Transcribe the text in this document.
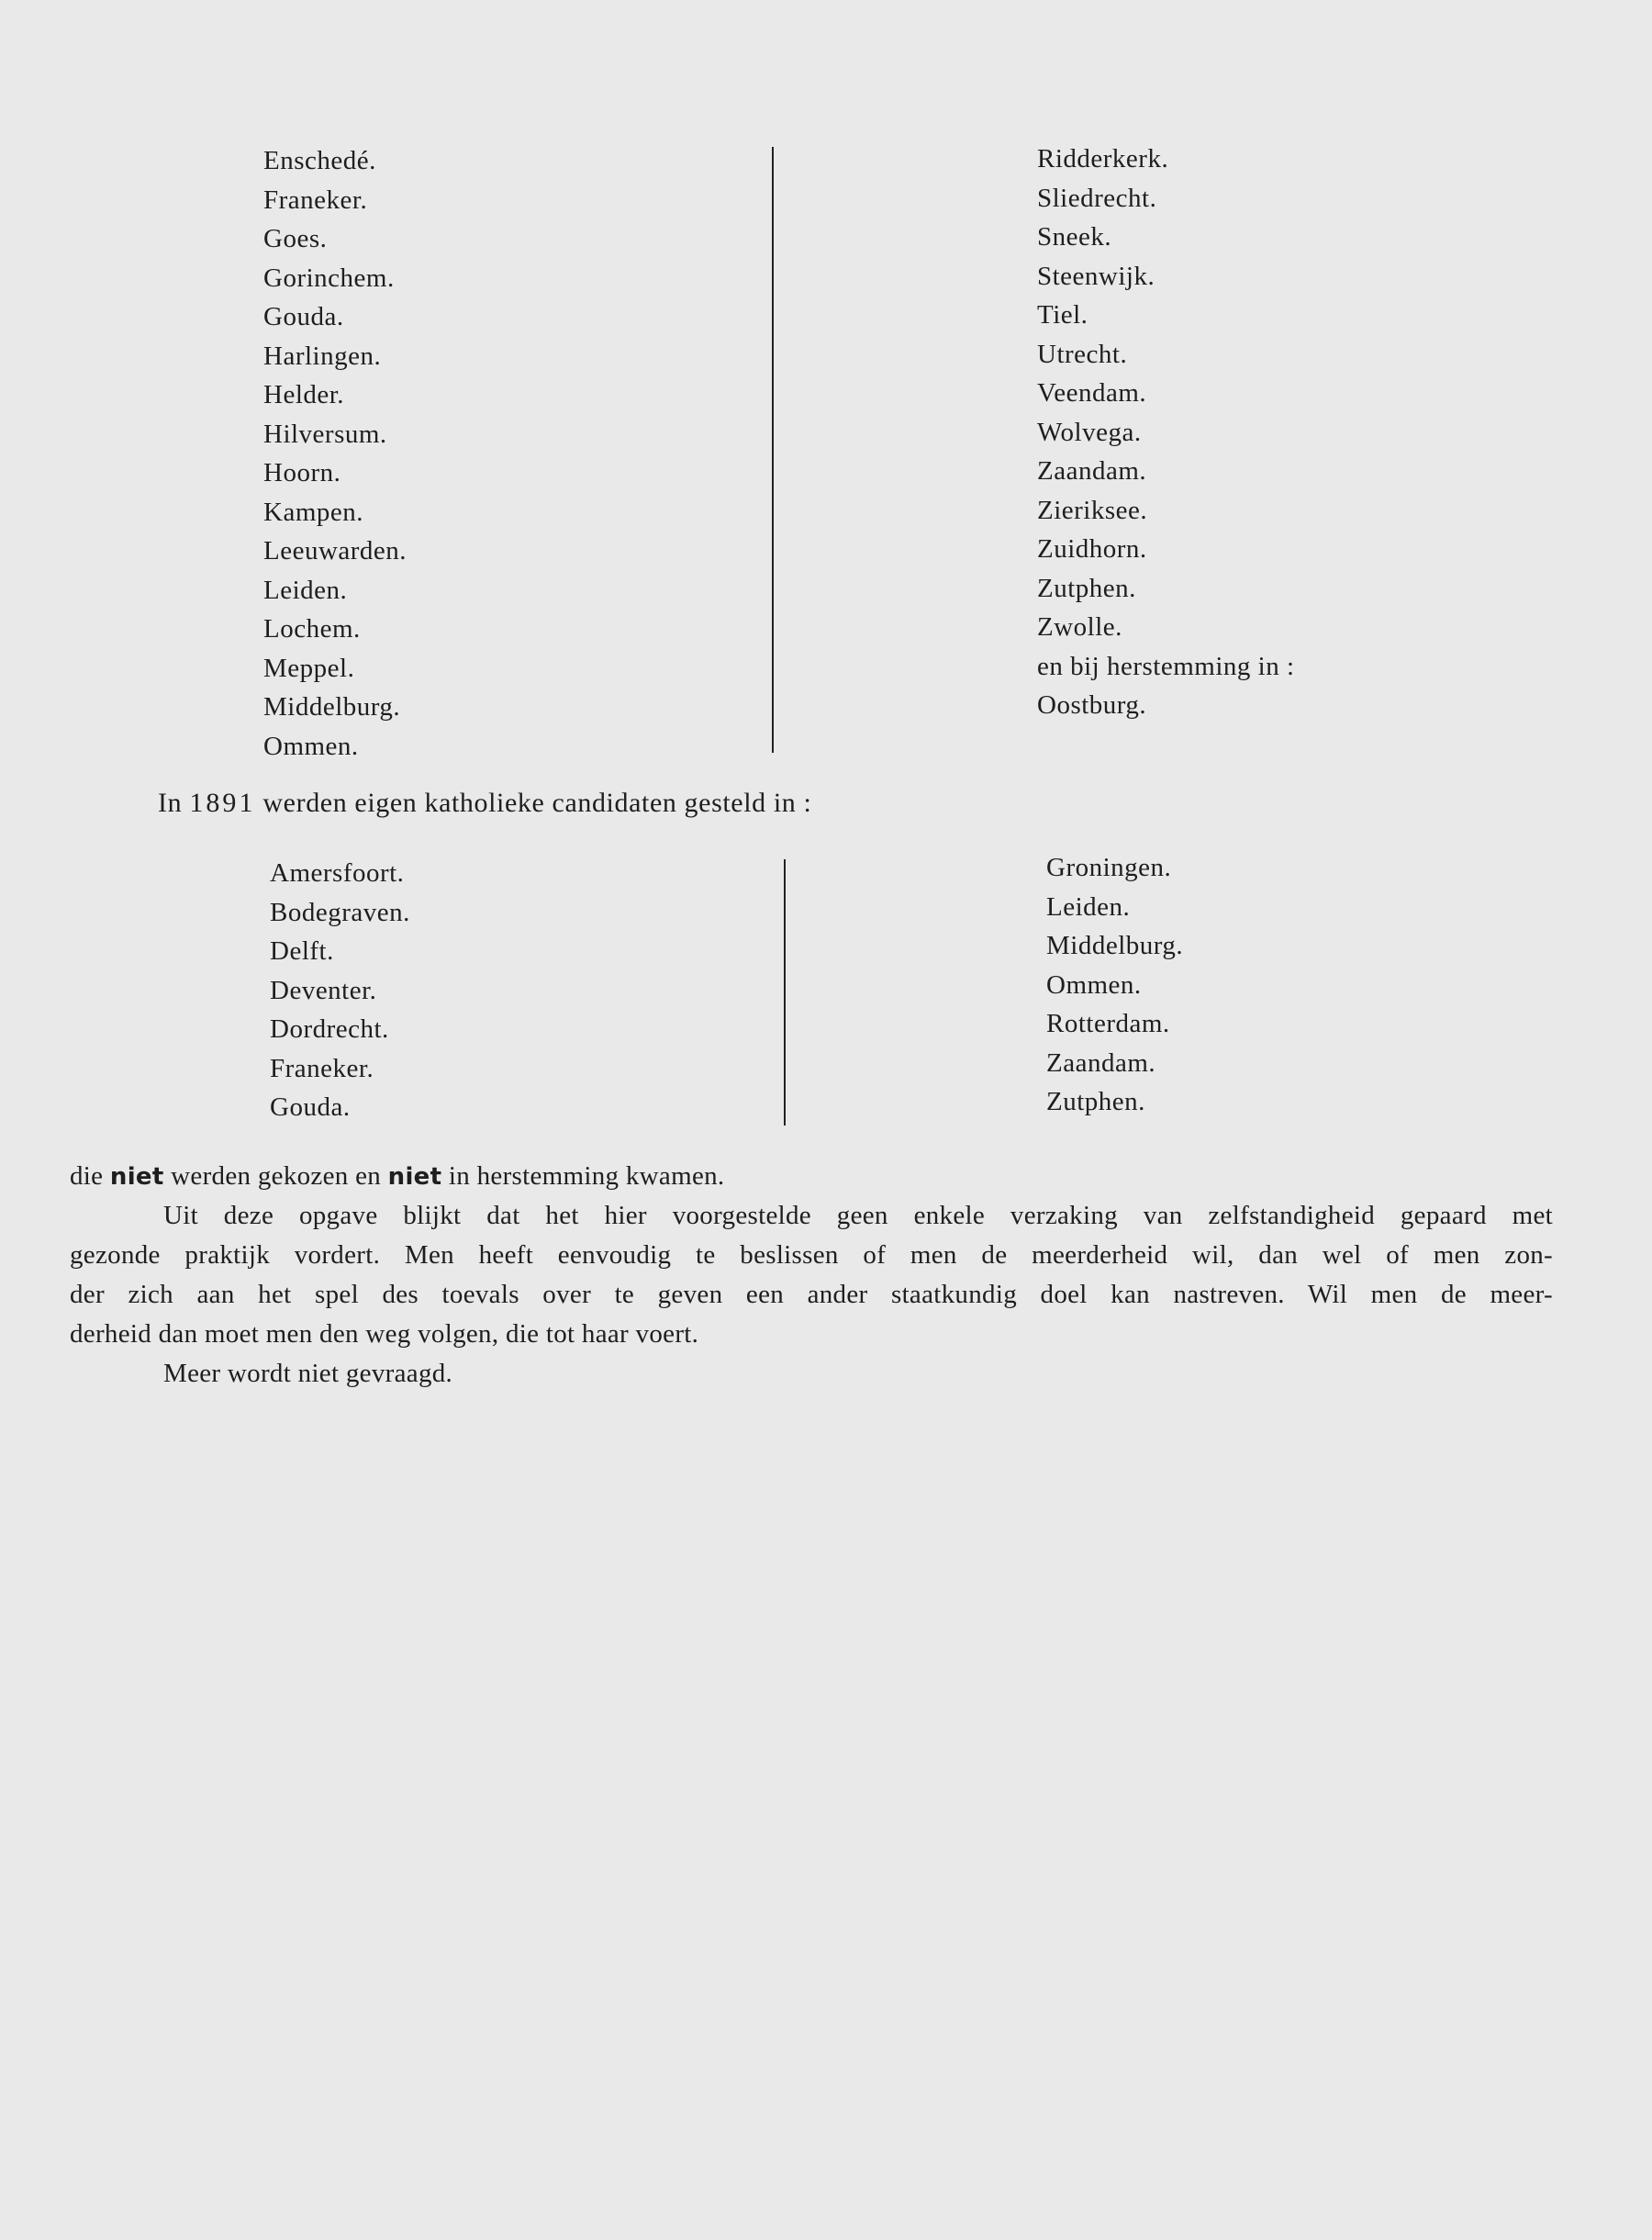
Enschedé.
Franeker.
Goes.
Gorinchem.
Gouda.
Harlingen.
Helder.
Hilversum.
Hoorn.
Kampen.
Leeuwarden.
Leiden.
Lochem.
Meppel.
Middelburg.
Ommen.
Ridderkerk.
Sliedrecht.
Sneek.
Steenwijk.
Tiel.
Utrecht.
Veendam.
Wolvega.
Zaandam.
Zieriksee.
Zuidhorn.
Zutphen.
Zwolle.
en bij herstemming in :
Oostburg.
In 1891 werden eigen katholieke candidaten gesteld in :
Amersfoort.
Bodegraven.
Delft.
Deventer.
Dordrecht.
Franeker.
Gouda.
Groningen.
Leiden.
Middelburg.
Ommen.
Rotterdam.
Zaandam.
Zutphen.
die niet werden gekozen en niet in herstemming kwamen.
Uit deze opgave blijkt dat het hier voorgestelde geen enkele verzaking van zelfstandigheid gepaard met
gezonde praktijk vordert. Men heeft eenvoudig te beslissen of men de meerderheid wil, dan wel of men zon-
der zich aan het spel des toevals over te geven een ander staatkundig doel kan nastreven. Wil men de meer-
derheid dan moet men den weg volgen, die tot haar voert.
Meer wordt niet gevraagd.
